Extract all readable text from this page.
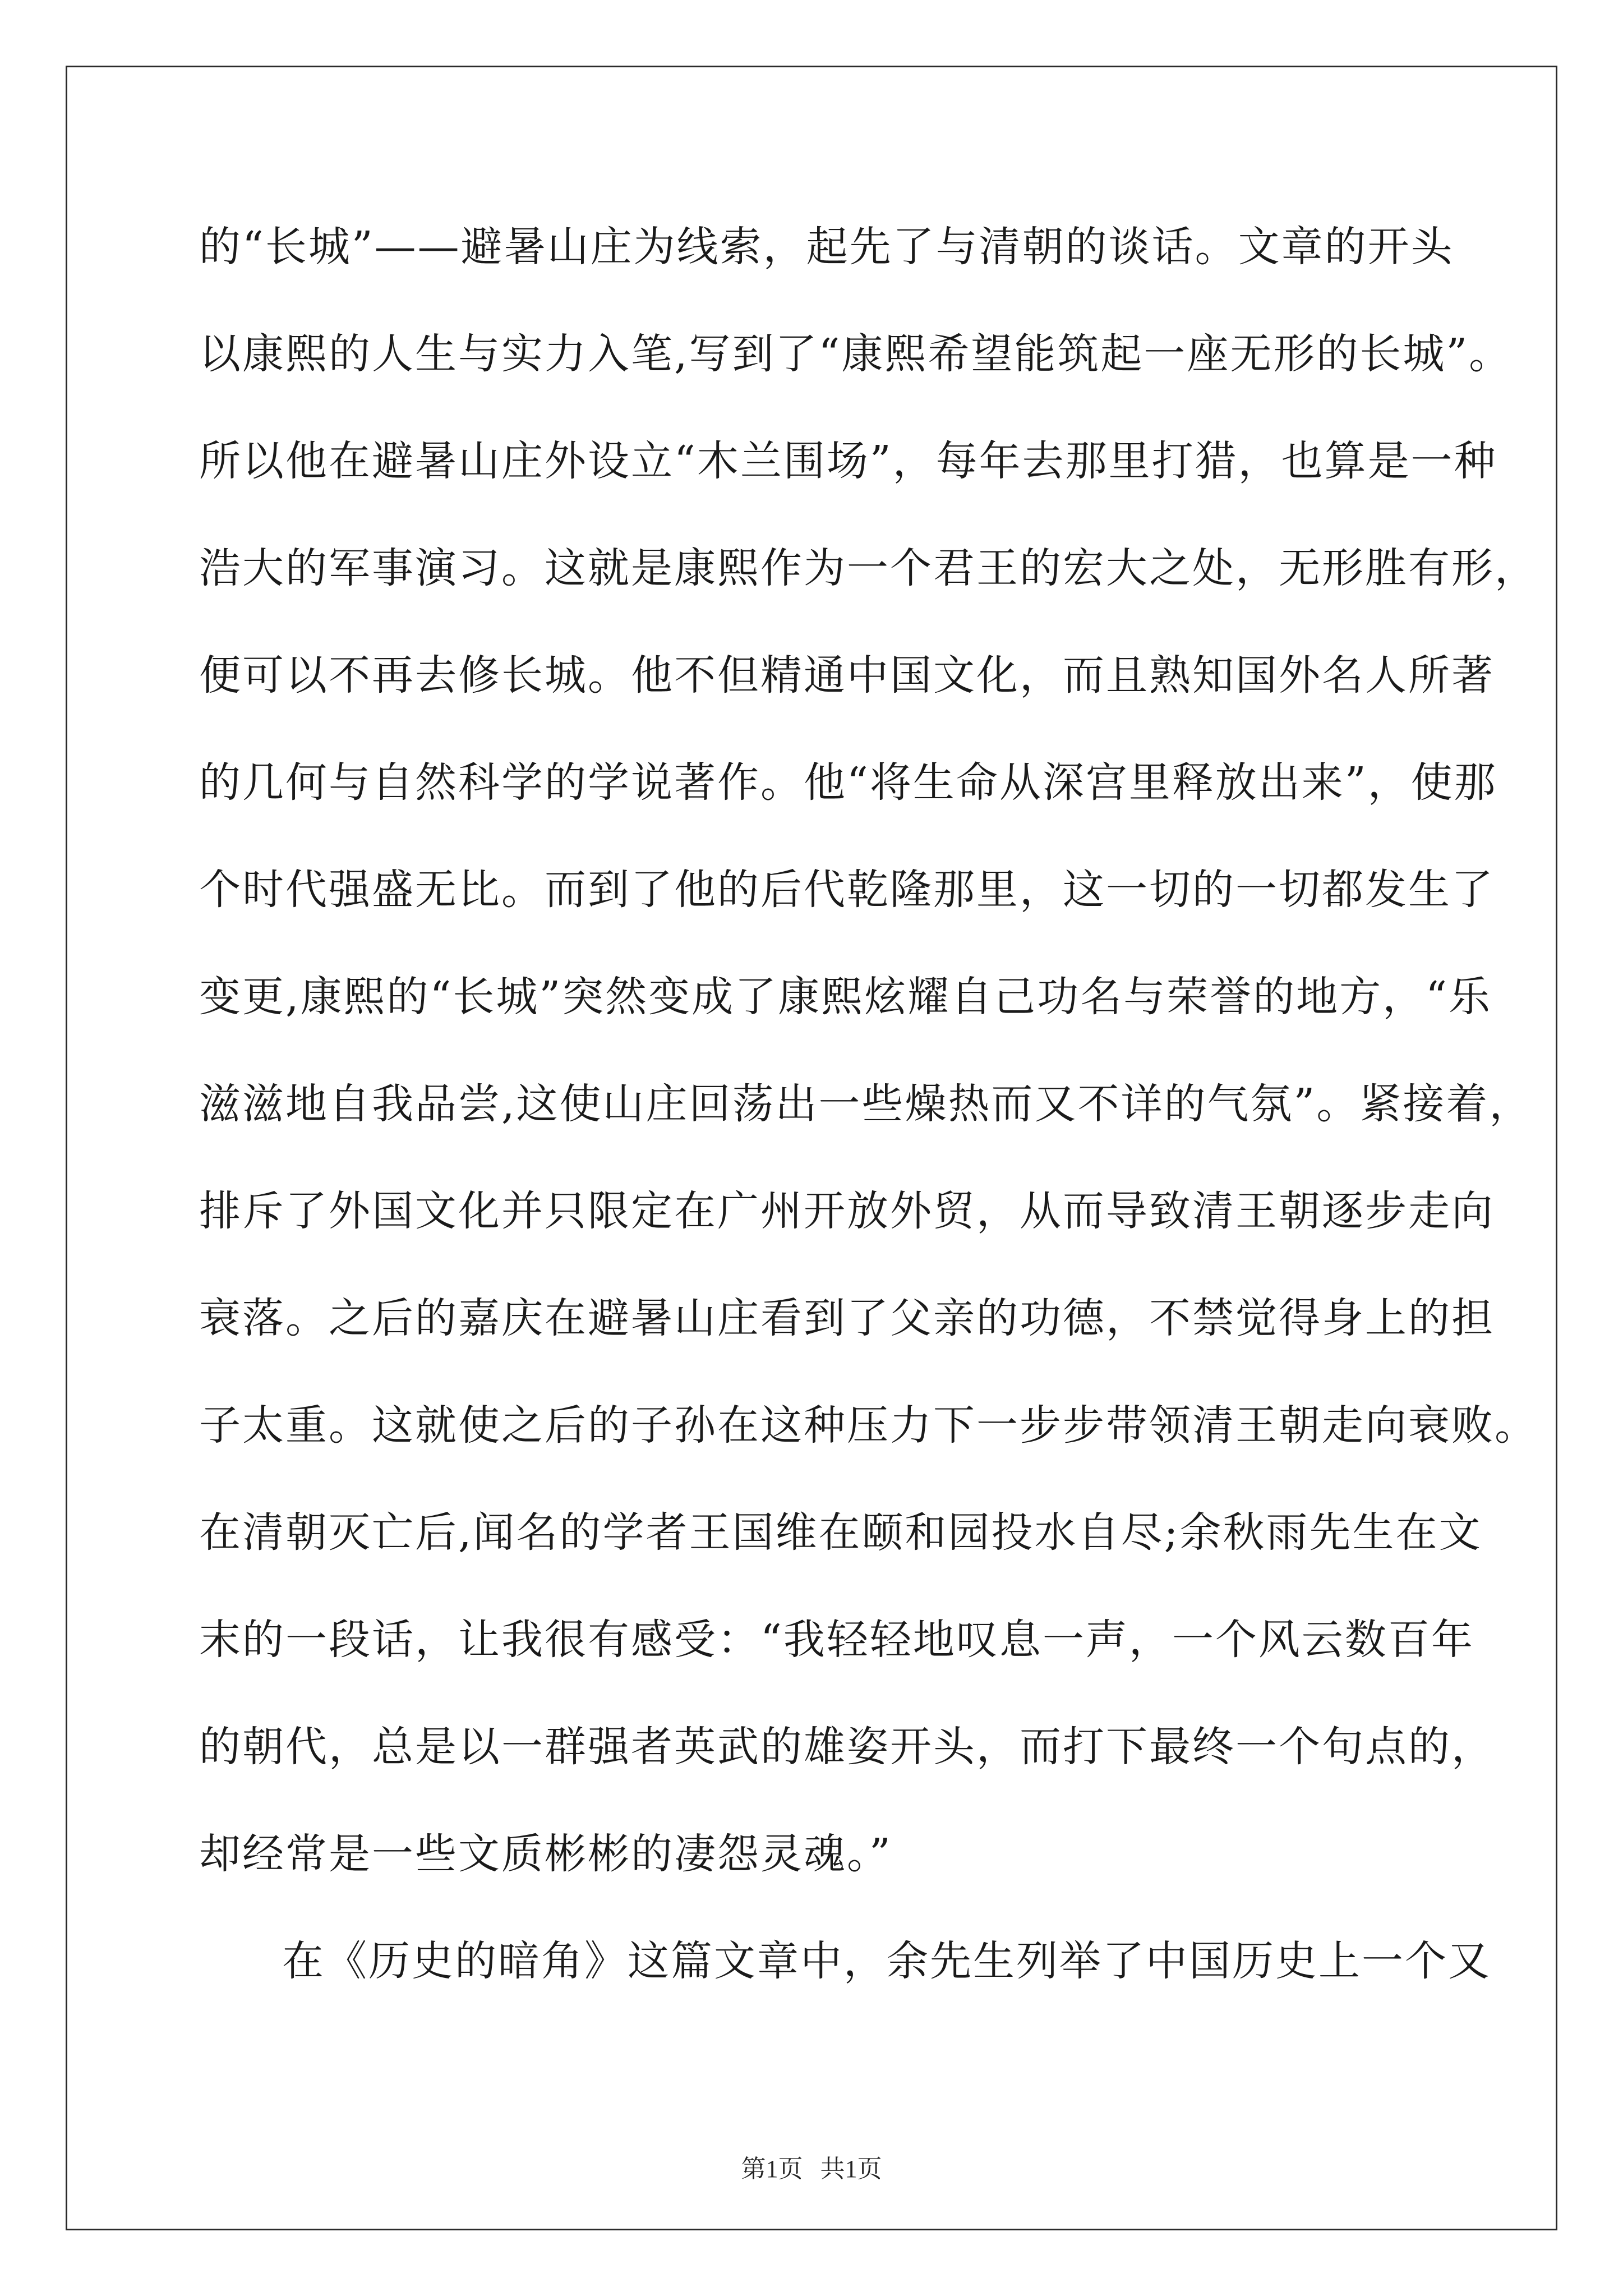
的“长城”——避暑山庄为线索，起先了与清朝的谈话。文章的开头
以康熙的人生与实力入笔,写到了“康熙希望能筑起一座无形的长城”。
所以他在避暑山庄外设立“木兰围场”，每年去那里打猎，也算是一种
浩大的军事演习。这就是康熙作为一个君王的宏大之处，无形胜有形，
便可以不再去修长城。他不但精通中国文化，而且熟知国外名人所著
的几何与自然科学的学说著作。他“将生命从深宫里释放出来”，使那
个时代强盛无比。而到了他的后代乾隆那里，这一切的一切都发生了
变更,康熙的“长城”突然变成了康熙炫耀自己功名与荣誉的地方，“乐
滋滋地自我品尝,这使山庄回荡出一些燥热而又不详的气氛”。紧接着，
排斥了外国文化并只限定在广州开放外贸，从而导致清王朝逐步走向
衰落。之后的嘉庆在避暑山庄看到了父亲的功德，不禁觉得身上的担
子太重。这就使之后的子孙在这种压力下一步步带领清王朝走向衰败。
在清朝灭亡后,闻名的学者王国维在颐和园投水自尽;余秋雨先生在文
末的一段话，让我很有感受：“我轻轻地叹息一声，一个风云数百年
的朝代，总是以一群强者英武的雄姿开头，而打下最终一个句点的，
却经常是一些文质彬彬的凄怨灵魂。”
在《历史的暗角》这篇文章中，余先生列举了中国历史上一个又
第1页 共1页
